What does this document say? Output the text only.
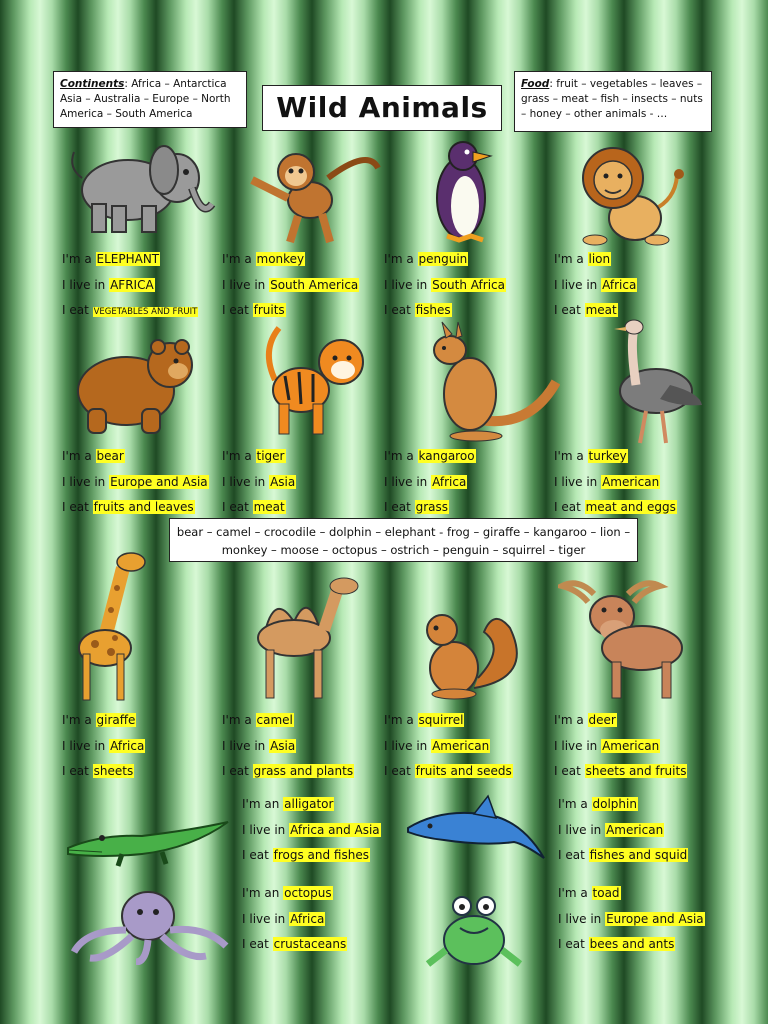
Continents: Africa – Antarctica Asia – Australia – Europe – North America – South America	Wild Animals
Food: fruit – vegetables – leaves – grass – meat – fish – insects – nuts – honey – other animals - …
bear – camel – crocodile – dolphin – elephant - frog – giraffe – kangaroo – lion – monkey – moose – octopus – ostrich – penguin – squirrel – tiger
I'm a ELEPHANT
I live in AFRICA
I eat VEGETABLES AND FRUIT
I'm a monkey
I live in South America
I eat fruits
I'm a penguin
I live in South Africa
I eat fishes
I'm a lion
I live in Africa
I eat meat
I'm a bear
I live in Europe and Asia
I eat fruits and leaves
I'm a tiger
I live in Asia
I eat meat
I'm a kangaroo
I live in Africa
I eat grass
I'm a turkey
I live in American
I eat meat and eggs
I'm a giraffe
I live in Africa
I eat sheets
I'm a camel
I live in Asia
I eat grass and plants
I'm a squirrel
I live in American
I eat fruits and seeds
I'm a deer
I live in American
I eat sheets and fruits
I'm an alligator
I live in Africa and Asia
I eat frogs and fishes
I'm a dolphin
I live in American
I eat fishes and squid
I'm an octopus
I live in Africa
I eat crustaceans
I'm a toad
I live in Europe and Asia
I eat bees and ants
